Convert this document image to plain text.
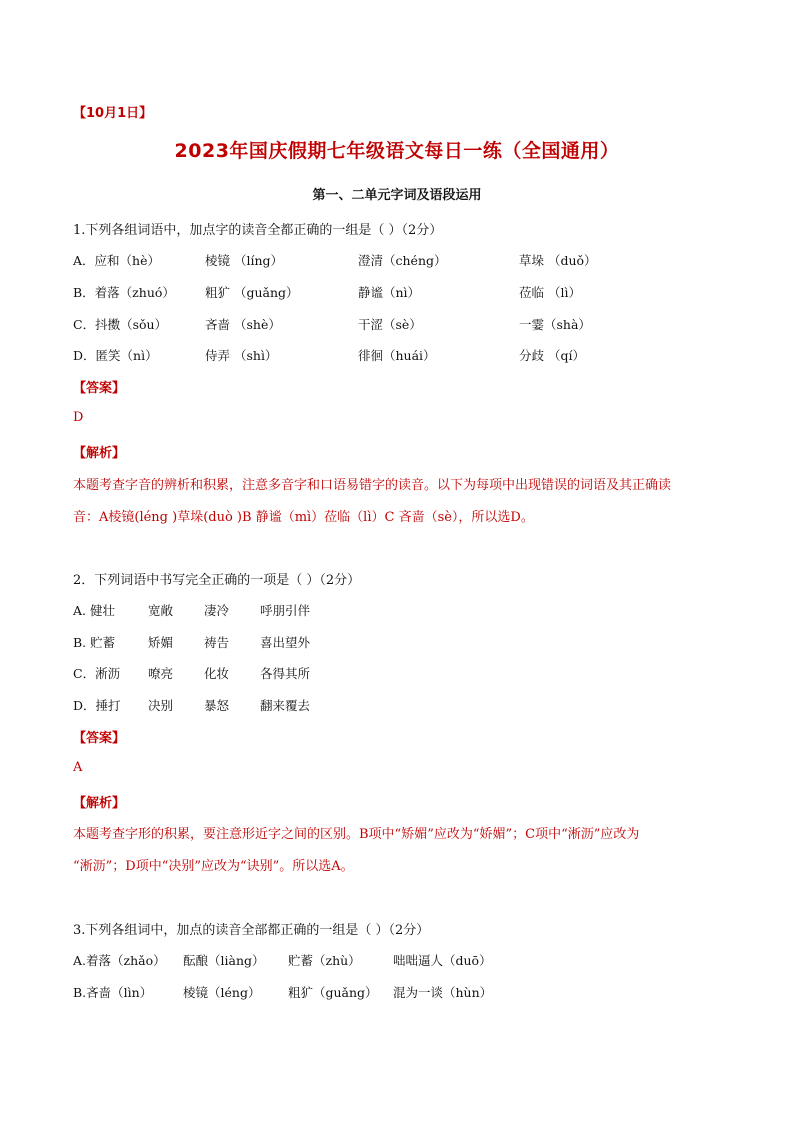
【10月1日】
2023年国庆假期七年级语文每日一练（全国通用）
第一、二单元字词及语段运用
1.下列各组词语中，加点字的读音全都正确的一组是（ ）（2分）
A．应和（hè）	棱镜 （líng）	澄清（chéng）	草垛 （duǒ）
B．着落（zhuó） 粗犷 （guǎng）	静谧（nì）	莅临 （lì）
C．抖擞（sǒu）	吝啬 （shè）	干涩（sè）	一霎（shà）
D．匿笑（nì）	侍弄 （shì）	徘徊（huái）	分歧 （qí）
【答案】
D
【解析】
本题考查字音的辨析和积累，注意多音字和口语易错字的读音。以下为每项中出现错误的词语及其正确读
音：A棱镜(léng )草垛(duò )B 静谧（mì）莅临（lì）C 吝啬（sè），所以选D。
2．下列词语中书写完全正确的一项是（ ）（2分）
A. 健壮	宽敞 凄冷 呼朋引伴
B. 贮蓄	矫媚 祷告 喜出望外
C．淅沥 嘹亮 化妆 各得其所
D．捶打 决别 暴怒 翻来覆去
【答案】
A
【解析】
本题考查字形的积累，要注意形近字之间的区别。B项中“矫媚”应改为“娇媚”；C项中“淅沥”应改为
“淅沥”；D项中“决别”应改为“诀别”。所以选A。
3.下列各组词中，加点的读音全部都正确的一组是（ ）（2分）
A.着落（zhǎo） 酝酿（liàng） 贮蓄（zhù）	咄咄逼人（duō）
B.吝啬（lìn） 棱镜（léng） 粗犷（guǎng） 混为一谈（hùn）
